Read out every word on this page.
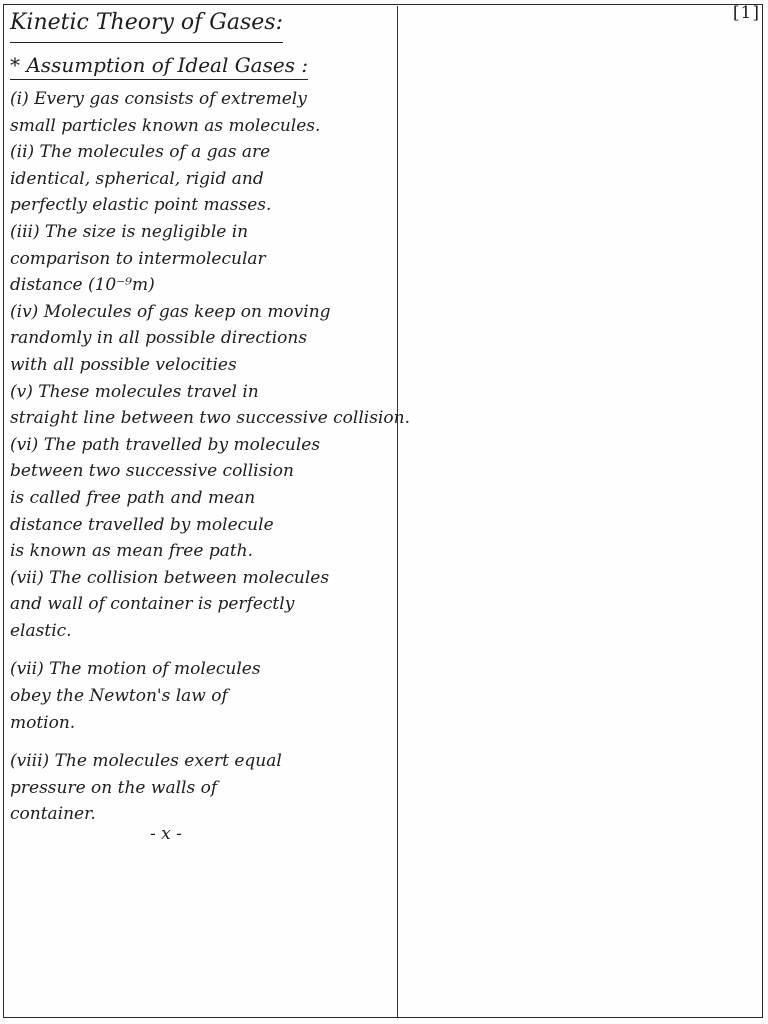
[1]
Kinetic Theory of Gases:
* Assumption of Ideal Gases :
(i) Every gas consists of extremely
small particles known as molecules.
(ii) The molecules of a gas are
identical, spherical, rigid and
perfectly elastic point masses.
(iii) The size is negligible in
comparison to intermolecular
distance (10⁻⁹m)
(iv) Molecules of gas keep on moving
randomly in all possible directions
with all possible velocities
(v) These molecules travel in
straight line between two successive collision.
(vi) The path travelled by molecules
between two successive collision
is called free path and mean
distance travelled by molecule
is known as mean free path.
(vii) The collision between molecules
and wall of container is perfectly
elastic.
(vii) The motion of molecules
obey the Newton's law of
motion.
(viii) The molecules exert equal
pressure on the walls of
container.
- x -
